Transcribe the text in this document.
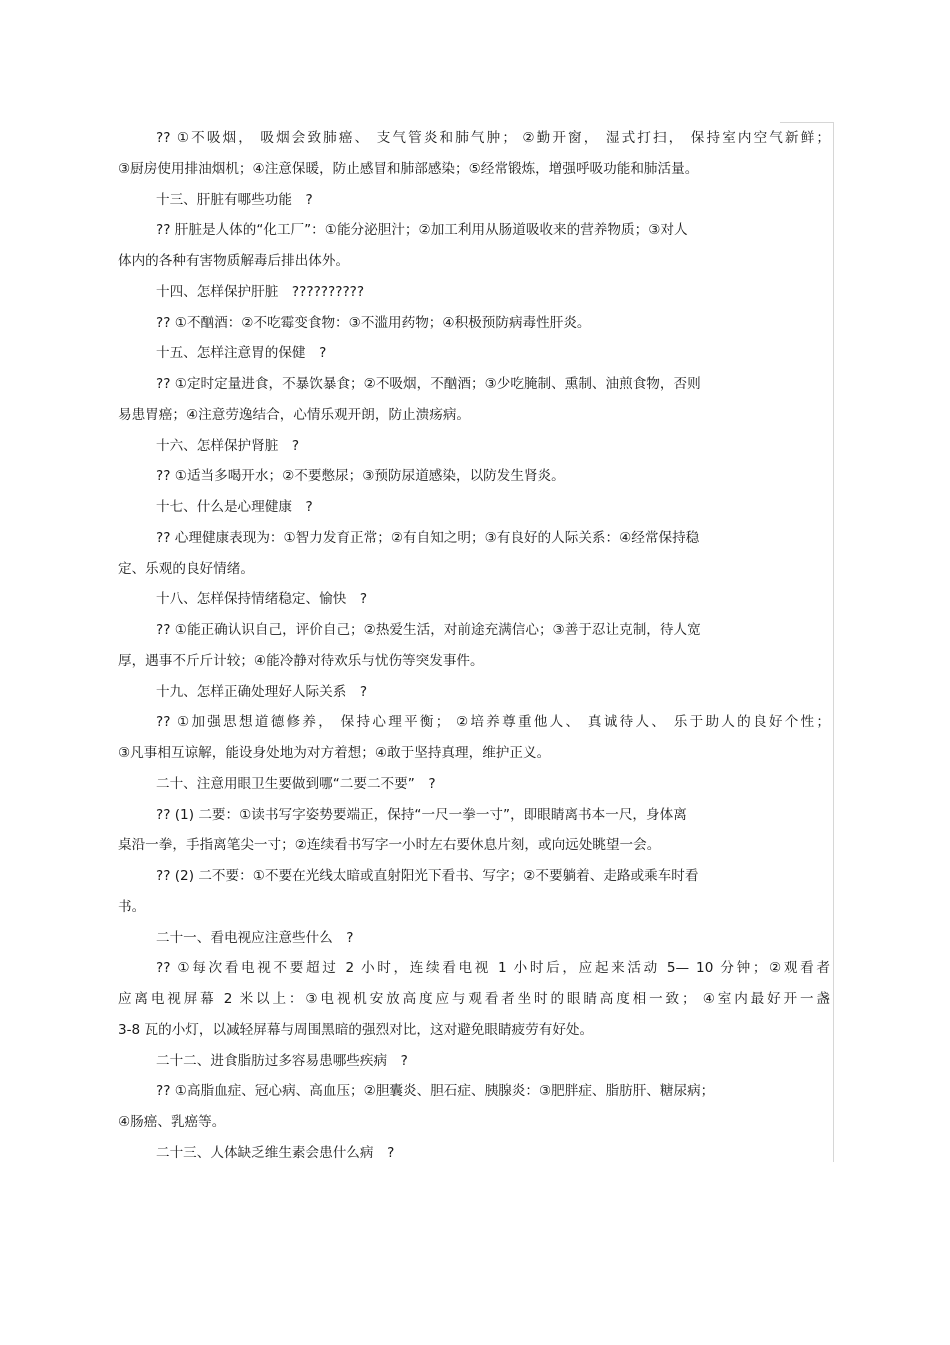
?? ①不吸烟， 吸烟会致肺癌、 支气管炎和肺气肿； ②勤开窗， 湿式打扫， 保持室内空气新鲜；
③厨房使用排油烟机；④注意保暖，防止感冒和肺部感染；⑤经常锻炼，增强呼吸功能和肺活量。
十三、肝脏有哪些功能　?
?? 肝脏是人体的“化工厂”：①能分泌胆汁；②加工利用从肠道吸收来的营养物质；③对人
体内的各种有害物质解毒后排出体外。
十四、怎样保护肝脏　??????????
?? ①不酗酒：②不吃霉变食物：③不滥用药物；④积极预防病毒性肝炎。
十五、怎样注意胃的保健　?
?? ①定时定量进食，不暴饮暴食；②不吸烟，不酗酒；③少吃腌制、熏制、油煎食物，否则
易患胃癌；④注意劳逸结合，心情乐观开朗，防止溃疡病。
十六、怎样保护肾脏　?
?? ①适当多喝开水；②不要憋尿；③预防尿道感染，以防发生肾炎。
十七、什么是心理健康　?
?? 心理健康表现为：①智力发育正常；②有自知之明；③有良好的人际关系：④经常保持稳
定、乐观的良好情绪。
十八、怎样保持情绪稳定、愉快　?
?? ①能正确认识自己，评价自己；②热爱生活，对前途充满信心；③善于忍让克制，待人宽
厚，遇事不斤斤计较；④能冷静对待欢乐与忧伤等突发事件。
十九、怎样正确处理好人际关系　?
?? ①加强思想道德修养， 保持心理平衡； ②培养尊重他人、 真诚待人、 乐于助人的良好个性；
③凡事相互谅解，能设身处地为对方着想；④敢于坚持真理，维护正义。
二十、注意用眼卫生要做到哪“二要二不要”　?
?? (1) 二要：①读书写字姿势要端正，保持“一尺一拳一寸”，即眼睛离书本一尺，身体离
桌沿一拳，手指离笔尖一寸；②连续看书写字一小时左右要休息片刻，或向远处眺望一会。
?? (2) 二不要：①不要在光线太暗或直射阳光下看书、写字；②不要躺着、走路或乘车时看
书。
二十一、看电视应注意些什么　?
?? ①每次看电视不要超过 2 小时，连续看电视 1 小时后，应起来活动 5— 10 分钟；②观看者
应离电视屏幕 2 米以上：③电视机安放高度应与观看者坐时的眼睛高度相一致； ④室内最好开一盏
3-8 瓦的小灯，以减轻屏幕与周围黑暗的强烈对比，这对避免眼睛疲劳有好处。
二十二、进食脂肪过多容易患哪些疾病　?
?? ①高脂血症、冠心病、高血压；②胆囊炎、胆石症、胰腺炎：③肥胖症、脂肪肝、糖尿病；
④肠癌、乳癌等。
二十三、人体缺乏维生素会患什么病　?
